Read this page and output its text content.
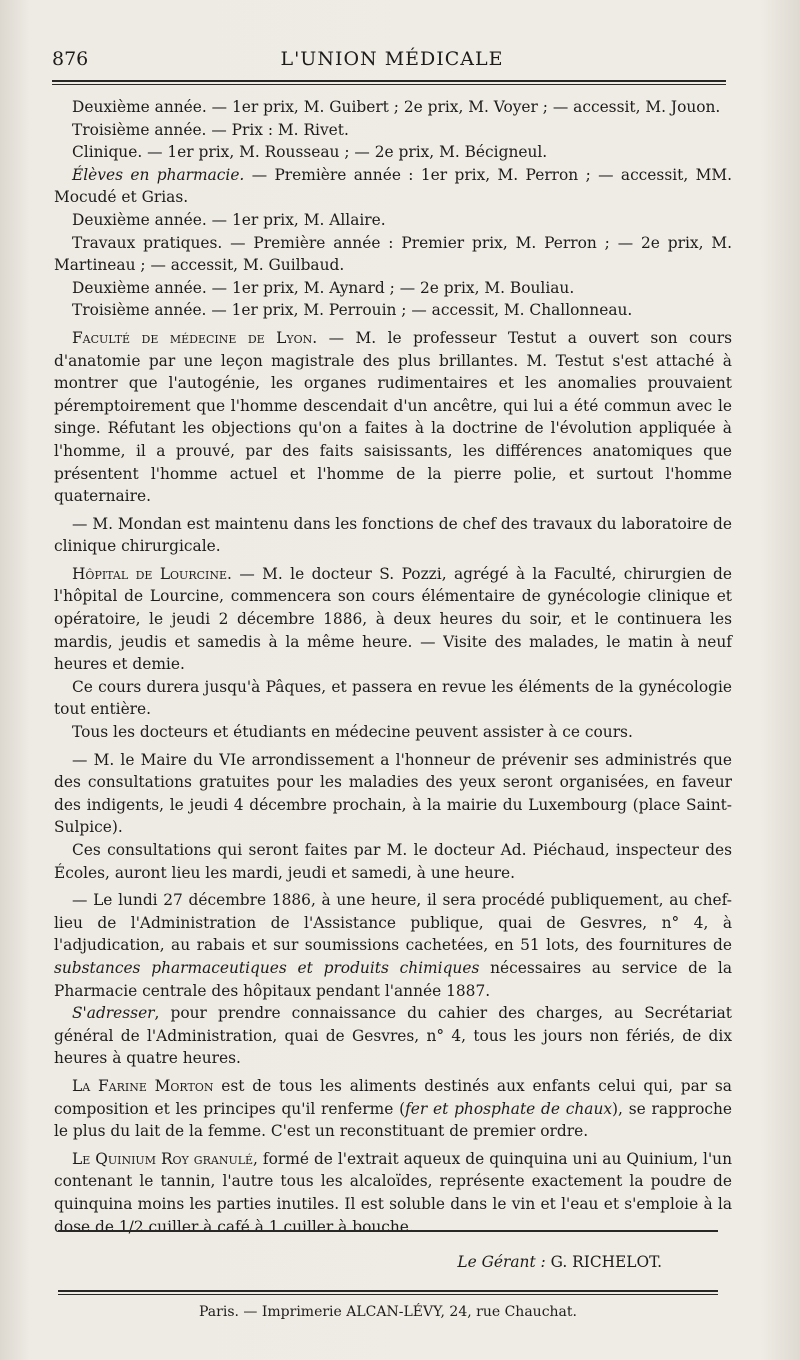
876	L'UNION MÉDICALE

Deuxième année. — 1er prix, M. Guibert ; 2e prix, M. Voyer ; — accessit, M. Jouon.

Troisième année. — Prix : M. Rivet.

Clinique. — 1er prix, M. Rousseau ; — 2e prix, M. Bécigneul.

Élèves en pharmacie. — Première année : 1er prix, M. Perron ; — accessit, MM. Mocudé et Grias.

Deuxième année. — 1er prix, M. Allaire.

Travaux pratiques. — Première année : Premier prix, M. Perron ; — 2e prix, M. Martineau ; — accessit, M. Guilbaud.

Deuxième année. — 1er prix, M. Aynard ; — 2e prix, M. Bouliau.

Troisième année. — 1er prix, M. Perrouin ; — accessit, M. Challonneau.

Faculté de médecine de Lyon. — M. le professeur Testut a ouvert son cours d'anatomie par une leçon magistrale des plus brillantes. M. Testut s'est attaché à montrer que l'autogénie, les organes rudimentaires et les anomalies prouvaient péremptoirement que l'homme descendait d'un ancêtre, qui lui a été commun avec le singe. Réfutant les objections qu'on a faites à la doctrine de l'évolution appliquée à l'homme, il a prouvé, par des faits saisissants, les différences anatomiques que présentent l'homme actuel et l'homme de la pierre polie, et surtout l'homme quaternaire.

— M. Mondan est maintenu dans les fonctions de chef des travaux du laboratoire de clinique chirurgicale.

Hôpital de Lourcine. — M. le docteur S. Pozzi, agrégé à la Faculté, chirurgien de l'hôpital de Lourcine, commencera son cours élémentaire de gynécologie clinique et opératoire, le jeudi 2 décembre 1886, à deux heures du soir, et le continuera les mardis, jeudis et samedis à la même heure. — Visite des malades, le matin à neuf heures et demie.

Ce cours durera jusqu'à Pâques, et passera en revue les éléments de la gynécologie tout entière.

Tous les docteurs et étudiants en médecine peuvent assister à ce cours.

— M. le Maire du VIe arrondissement a l'honneur de prévenir ses administrés que des consultations gratuites pour les maladies des yeux seront organisées, en faveur des indigents, le jeudi 4 décembre prochain, à la mairie du Luxembourg (place Saint-Sulpice).

Ces consultations qui seront faites par M. le docteur Ad. Piéchaud, inspecteur des Écoles, auront lieu les mardi, jeudi et samedi, à une heure.

— Le lundi 27 décembre 1886, à une heure, il sera procédé publiquement, au chef-lieu de l'Administration de l'Assistance publique, quai de Gesvres, n° 4, à l'adjudication, au rabais et sur soumissions cachetées, en 51 lots, des fournitures de substances pharmaceutiques et produits chimiques nécessaires au service de la Pharmacie centrale des hôpitaux pendant l'année 1887.

S'adresser, pour prendre connaissance du cahier des charges, au Secrétariat général de l'Administration, quai de Gesvres, n° 4, tous les jours non fériés, de dix heures à quatre heures.

La Farine Morton est de tous les aliments destinés aux enfants celui qui, par sa composition et les principes qu'il renferme (fer et phosphate de chaux), se rapproche le plus du lait de la femme. C'est un reconstituant de premier ordre.

Le Quinium Roy granulé, formé de l'extrait aqueux de quinquina uni au Quinium, l'un contenant le tannin, l'autre tous les alcaloïdes, représente exactement la poudre de quinquina moins les parties inutiles. Il est soluble dans le vin et l'eau et s'emploie à la dose de 1/2 cuiller à café à 1 cuiller à bouche.

Le Gérant : G. RICHELOT.
Paris. — Imprimerie ALCAN-LÉVY, 24, rue Chauchat.
